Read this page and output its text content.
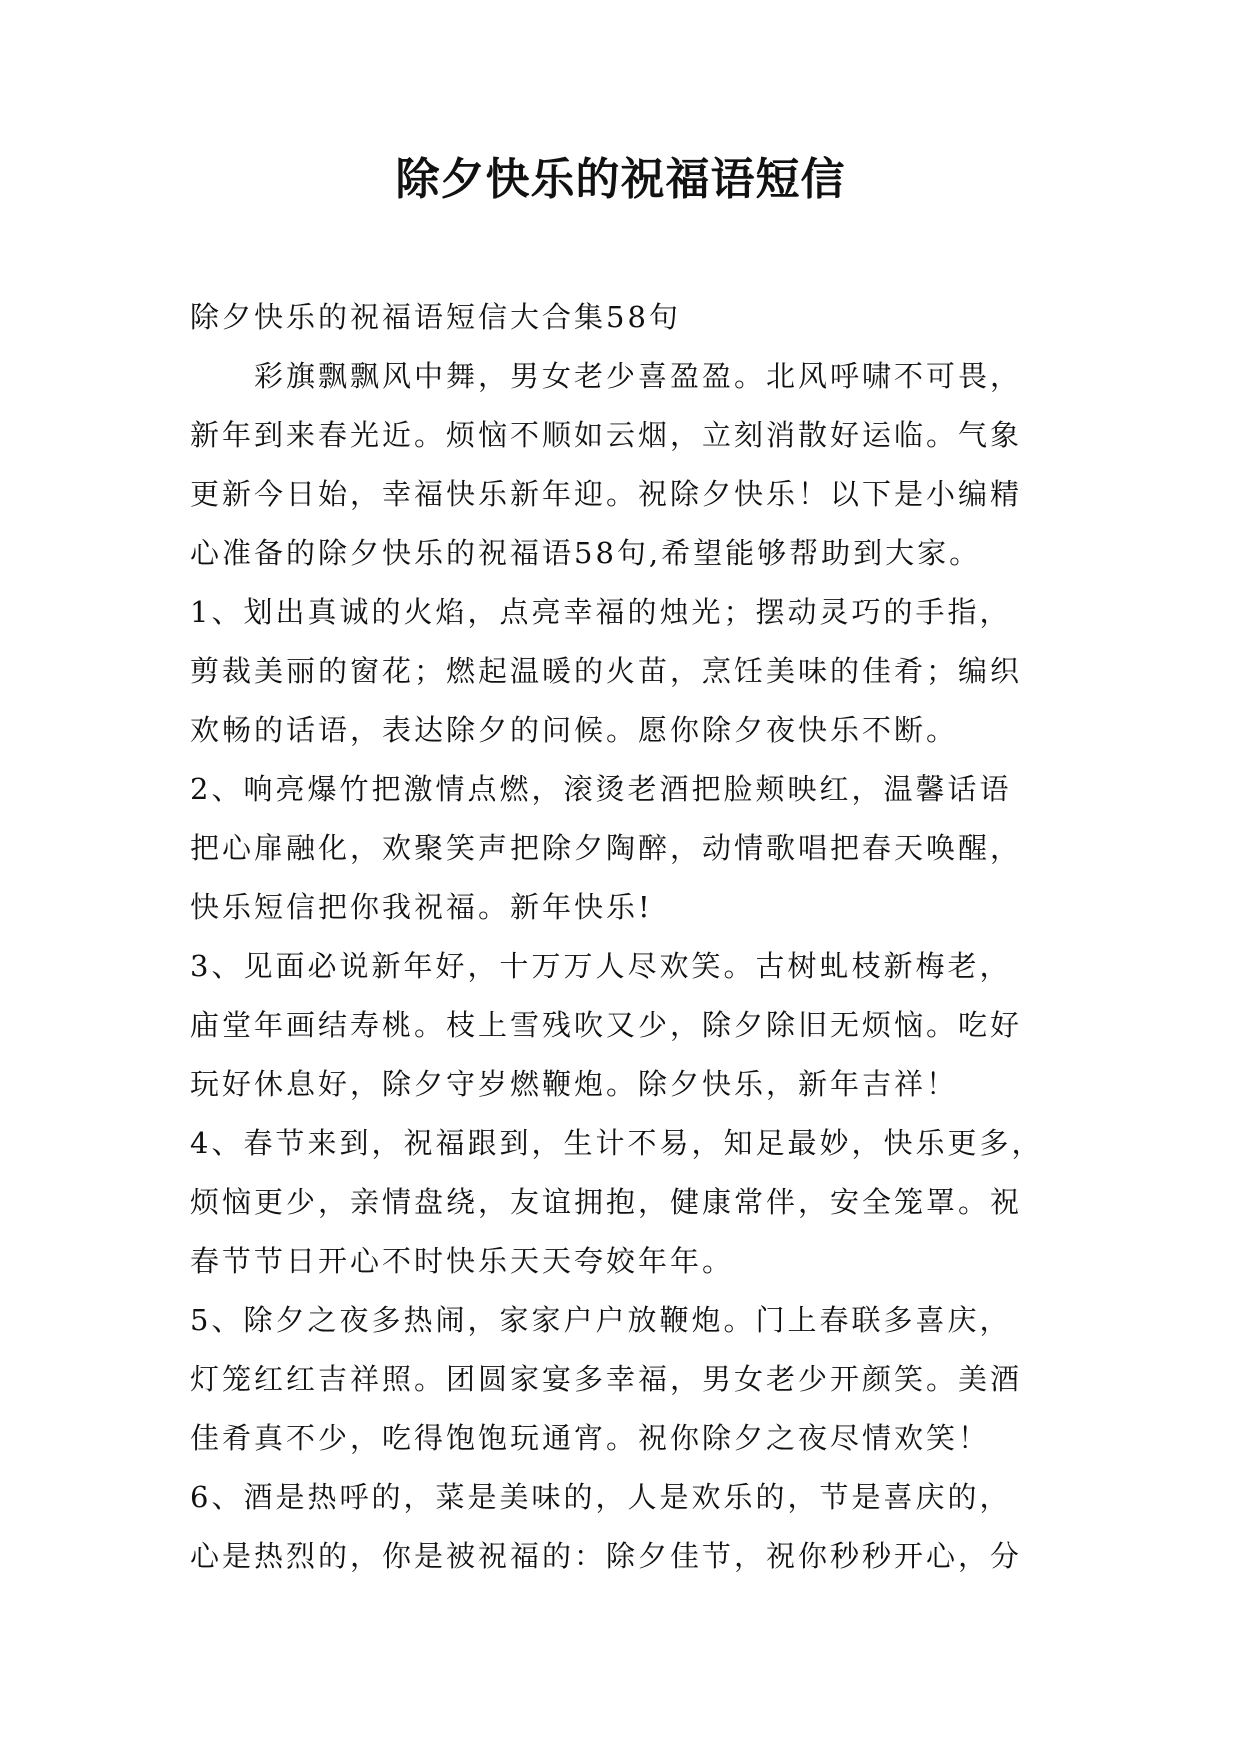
除夕快乐的祝福语短信
除夕快乐的祝福语短信大合集58句
　　彩旗飘飘风中舞，男女老少喜盈盈。北风呼啸不可畏，
新年到来春光近。烦恼不顺如云烟，立刻消散好运临。气象
更新今日始，幸福快乐新年迎。祝除夕快乐！以下是小编精
心准备的除夕快乐的祝福语58句,希望能够帮助到大家。
1、划出真诚的火焰，点亮幸福的烛光；摆动灵巧的手指，
剪裁美丽的窗花；燃起温暖的火苗，烹饪美味的佳肴；编织
欢畅的话语，表达除夕的问候。愿你除夕夜快乐不断。
2、响亮爆竹把激情点燃，滚烫老酒把脸颊映红，温馨话语
把心扉融化，欢聚笑声把除夕陶醉，动情歌唱把春天唤醒，
快乐短信把你我祝福。新年快乐!
3、见面必说新年好，十万万人尽欢笑。古树虬枝新梅老，
庙堂年画结寿桃。枝上雪残吹又少，除夕除旧无烦恼。吃好
玩好休息好，除夕守岁燃鞭炮。除夕快乐，新年吉祥！
4、春节来到，祝福跟到，生计不易，知足最妙，快乐更多，
烦恼更少，亲情盘绕，友谊拥抱，健康常伴，安全笼罩。祝
春节节日开心不时快乐天天夸姣年年。
5、除夕之夜多热闹，家家户户放鞭炮。门上春联多喜庆，
灯笼红红吉祥照。团圆家宴多幸福，男女老少开颜笑。美酒
佳肴真不少，吃得饱饱玩通宵。祝你除夕之夜尽情欢笑！
6、酒是热呼的，菜是美味的，人是欢乐的，节是喜庆的，
心是热烈的，你是被祝福的：除夕佳节，祝你秒秒开心，分
